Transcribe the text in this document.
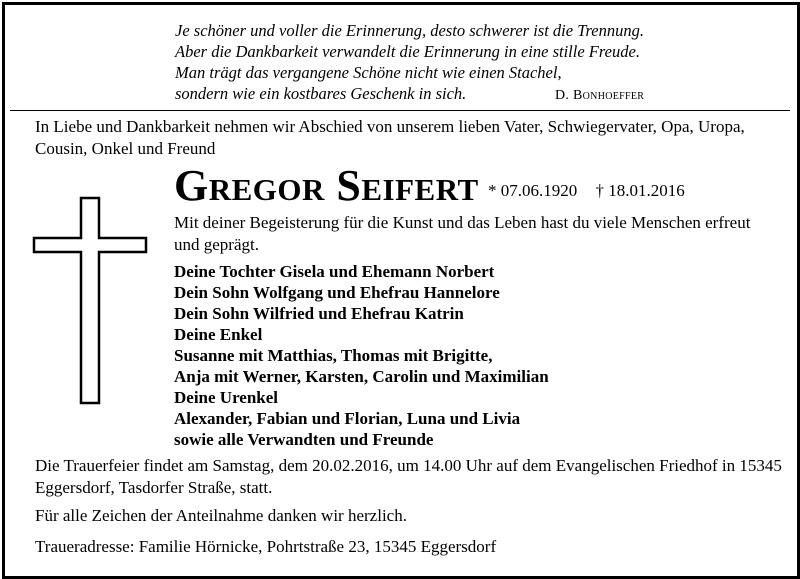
Je schöner und voller die Erinnerung, desto schwerer ist die Trennung.
Aber die Dankbarkeit verwandelt die Erinnerung in eine stille Freude.
Man trägt das vergangene Schöne nicht wie einen Stachel,
sondern wie ein kostbares Geschenk in sich.	D. Bonhoeffer
In Liebe und Dankbarkeit nehmen wir Abschied von unserem lieben Vater, Schwiegervater, Opa, Uropa, Cousin, Onkel und Freund
Gregor Seifert * 07.06.1920 † 18.01.2016
Mit deiner Begeisterung für die Kunst und das Leben hast du viele Menschen erfreut und geprägt.
Deine Tochter Gisela und Ehemann Norbert
Dein Sohn Wolfgang und Ehefrau Hannelore
Dein Sohn Wilfried und Ehefrau Katrin
Deine Enkel
Susanne mit Matthias, Thomas mit Brigitte,
Anja mit Werner, Karsten, Carolin und Maximilian
Deine Urenkel
Alexander, Fabian und Florian, Luna und Livia
sowie alle Verwandten und Freunde
Die Trauerfeier findet am Samstag, dem 20.02.2016, um 14.00 Uhr auf dem Evangelischen Friedhof in 15345 Eggersdorf, Tasdorfer Straße, statt.
Für alle Zeichen der Anteilnahme danken wir herzlich.
Traueradresse: Familie Hörnicke, Pohrtstraße 23, 15345 Eggersdorf
